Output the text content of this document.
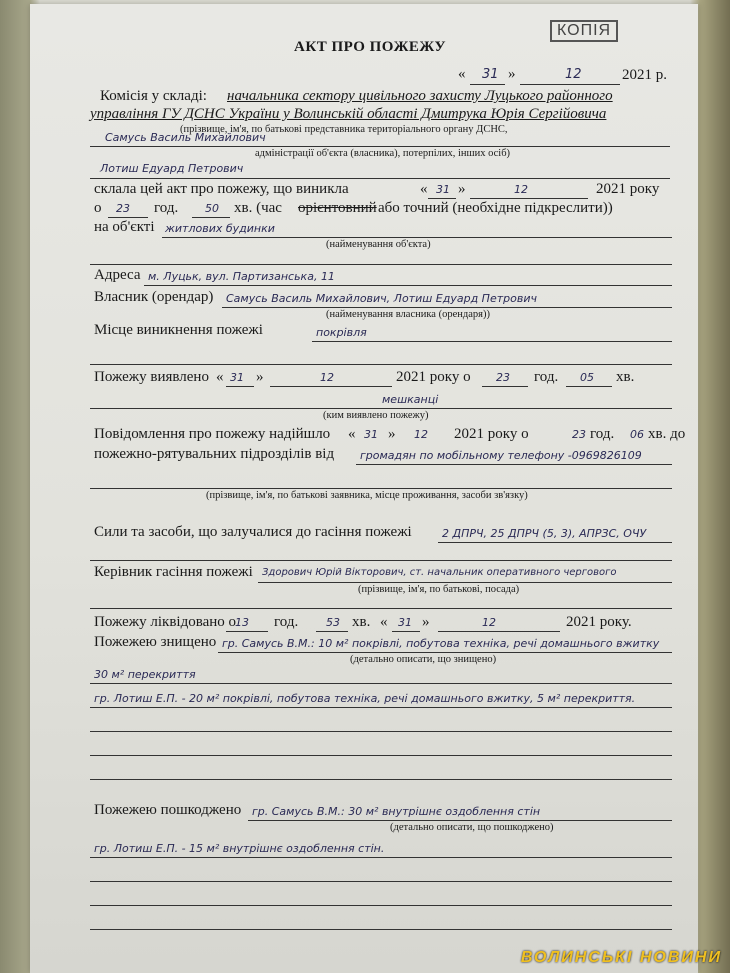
КОПІЯ
АКТ ПРО ПОЖЕЖУ
« 31 »	12	2021 р.
Комісія у складі: начальника сектору цивільного захисту Луцького районного
управління ГУ ДСНС України у Волинській області Дмитрука Юрія Сергійовича
(прізвище, ім'я, по батькові представника територіального органу ДСНС,
Самусь Василь Михайлович
адміністрації об'єкта (власника), потерпілих, інших осіб)
Лотиш Едуард Петрович
склала цей акт про пожежу, що виникла	« 31 »	12	2021 року
о 23 год. 50 хв. (час орієнтовний або точний (необхідне підкреслити))
на об'єкті житлових будинки
(найменування об'єкта)
Адреса м. Луцьк, вул. Партизанська, 11
Власник (орендар) Самусь Василь Михайлович, Лотиш Едуард Петрович
(найменування власника (орендаря))
Місце виникнення пожежі	покрівля
Пожежу виявлено « 31 »	12	2021 року о 23 год. 05 хв.
мешканці
(ким виявлено пожежу)
Повідомлення про пожежу надійшло « 31 » 12 2021 року о	23 год. 06 хв. до
пожежно-рятувальних підрозділів від громадян по мобільному телефону -0969826109
(прізвище, ім'я, по батькові заявника, місце проживання, засоби зв'язку)
Сили та засоби, що залучалися до гасіння пожежі	2 ДПРЧ, 25 ДПРЧ (5, 3), АПРЗС, ОЧУ
Керівник гасіння пожежі Здорович Юрій Вікторович, ст. начальник оперативного чергового
(прізвище, ім'я, по батькові, посада)
Пожежу ліквідовано о
13 год.	53 хв. « 31 »	12	2021 року.
Пожежею знищено гр. Самусь В.М.: 10 м² покрівлі, побутова техніка, речі домашнього вжитку
(детально описати, що знищено)
30 м² перекриття
гр. Лотиш Е.П. - 20 м² покрівлі, побутова техніка, речі домашнього вжитку, 5 м² перекриття.
Пожежею пошкоджено гр. Самусь В.М.: 30 м² внутрішнє оздоблення стін
(детально описати, що пошкоджено)
гр. Лотиш Е.П. - 15 м² внутрішнє оздоблення стін.
ВОЛИНСЬКІ НОВИНИ
